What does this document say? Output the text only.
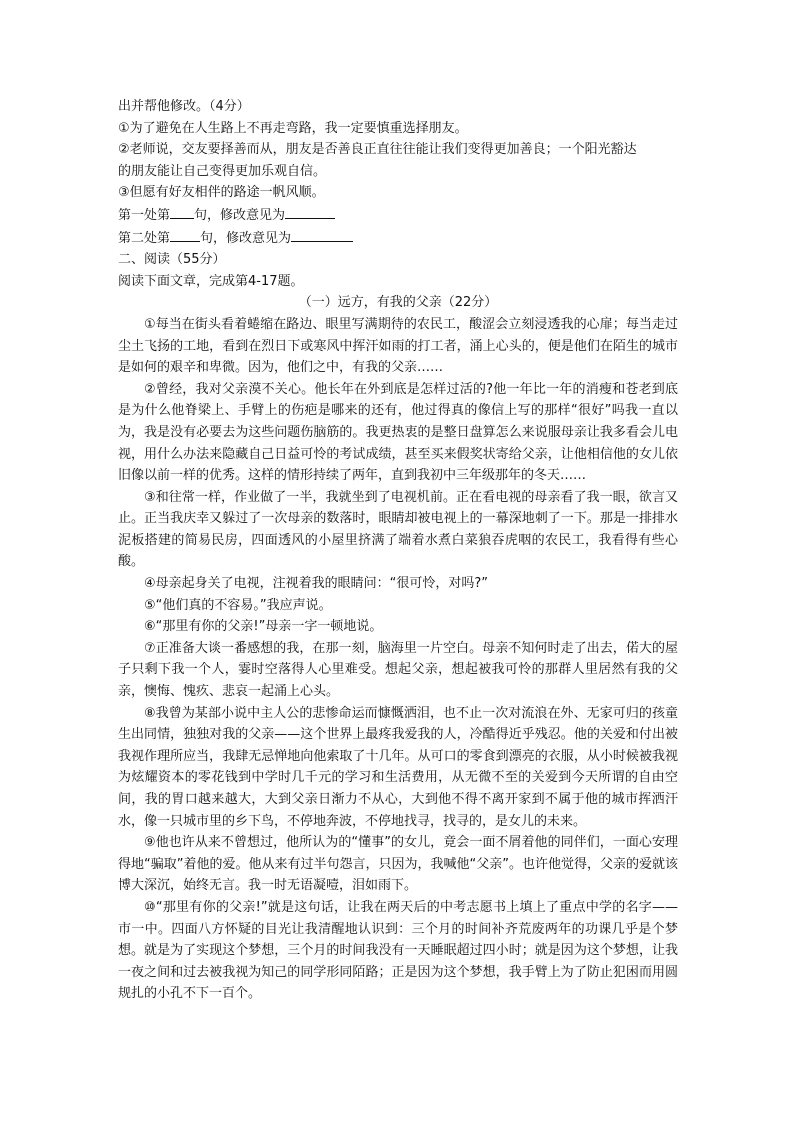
出并帮他修改。（4分）

①为了避免在人生路上不再走弯路，我一定要慎重选择朋友。

②老师说，交友要择善而从，朋友是否善良正直往往能让我们变得更加善良；一个阳光豁达

的朋友能让自己变得更加乐观自信。

③但愿有好友相伴的路途一帆风顺。

第一处第 句，修改意见为

第二处第 句，修改意见为

二、阅读（55分）

阅读下面文章，完成第4-17题。

（一）远方，有我的父亲（22分）

①每当在街头看着蜷缩在路边、眼里写满期待的农民工，酸涩会立刻浸透我的心扉；每当走过尘土飞扬的工地，看到在烈日下或寒风中挥汗如雨的打工者，涌上心头的，便是他们在陌生的城市是如何的艰辛和卑微。因为，他们之中，有我的父亲……

②曾经，我对父亲漠不关心。他长年在外到底是怎样过活的?他一年比一年的消瘦和苍老到底是为什么他脊梁上、手臂上的伤疤是哪来的还有，他过得真的像信上写的那样“很好”吗我一直以为，我是没有必要去为这些问题伤脑筋的。我更热衷的是整日盘算怎么来说服母亲让我多看会儿电视，用什么办法来隐藏自己日益可怜的考试成绩，甚至买来假奖状寄给父亲，让他相信他的女儿依旧像以前一样的优秀。这样的情形持续了两年，直到我初中三年级那年的冬天……

③和往常一样，作业做了一半，我就坐到了电视机前。正在看电视的母亲看了我一眼，欲言又止。正当我庆幸又躲过了一次母亲的数落时，眼睛却被电视上的一幕深地刺了一下。那是一排排水泥板搭建的简易民房，四面透风的小屋里挤满了端着水煮白菜狼吞虎咽的农民工，我看得有些心酸。

④母亲起身关了电视，注视着我的眼睛问：“很可怜，对吗?”

⑤“他们真的不容易。”我应声说。

⑥“那里有你的父亲!”母亲一字一顿地说。

⑦正准备大谈一番感想的我，在那一刻，脑海里一片空白。母亲不知何时走了出去，偌大的屋子只剩下我一个人，霎时空落得人心里难受。想起父亲，想起被我可怜的那群人里居然有我的父亲，懊悔、愧疚、悲哀一起涌上心头。

⑧我曾为某部小说中主人公的悲惨命运而慷慨洒泪，也不止一次对流浪在外、无家可归的孩童生出同情，独独对我的父亲——这个世界上最疼我爱我的人，冷酷得近乎残忍。他的关爱和付出被我视作理所应当，我肆无忌惮地向他索取了十几年。从可口的零食到漂亮的衣服，从小时候被我视为炫耀资本的零花钱到中学时几千元的学习和生活费用，从无微不至的关爱到今天所谓的自由空间，我的胃口越来越大，大到父亲日渐力不从心，大到他不得不离开家到不属于他的城市挥洒汗水，像一只城市里的乡下鸟，不停地奔波，不停地找寻，找寻的，是女儿的未来。

⑨他也许从来不曾想过，他所认为的“懂事”的女儿，竟会一面不屑着他的同伴们，一面心安理得地“骗取”着他的爱。他从来有过半句怨言，只因为，我喊他“父亲”。也许他觉得，父亲的爱就该博大深沉，始终无言。我一时无语凝噎，泪如雨下。

⑩“那里有你的父亲!”就是这句话，让我在两天后的中考志愿书上填上了重点中学的名字——市一中。四面八方怀疑的目光让我清醒地认识到：三个月的时间补齐荒废两年的功课几乎是个梦想。就是为了实现这个梦想，三个月的时间我没有一天睡眠超过四小时；就是因为这个梦想，让我一夜之间和过去被我视为知己的同学形同陌路；正是因为这个梦想，我手臂上为了防止犯困而用圆规扎的小孔不下一百个。
